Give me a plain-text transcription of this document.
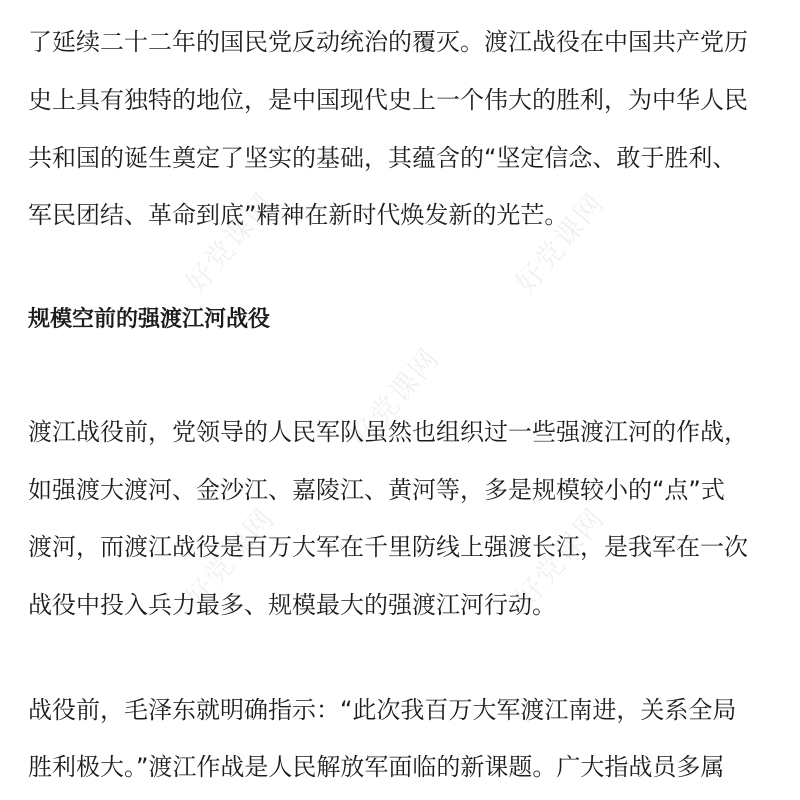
了延续二十二年的国民党反动统治的覆灭。渡江战役在中国共产党历
史上具有独特的地位，是中国现代史上一个伟大的胜利，为中华人民
共和国的诞生奠定了坚实的基础，其蕴含的“坚定信念、敢于胜利、
军民团结、革命到底”精神在新时代焕发新的光芒。
规模空前的强渡江河战役
渡江战役前，党领导的人民军队虽然也组织过一些强渡江河的作战，
如强渡大渡河、金沙江、嘉陵江、黄河等，多是规模较小的“点”式
渡河，而渡江战役是百万大军在千里防线上强渡长江，是我军在一次
战役中投入兵力最多、规模最大的强渡江河行动。
战役前，毛泽东就明确指示：“此次我百万大军渡江南进，关系全局
胜利极大。”渡江作战是人民解放军面临的新课题。广大指战员多属
好党课网	好党课网
好党课网
好党课网	好党课网
